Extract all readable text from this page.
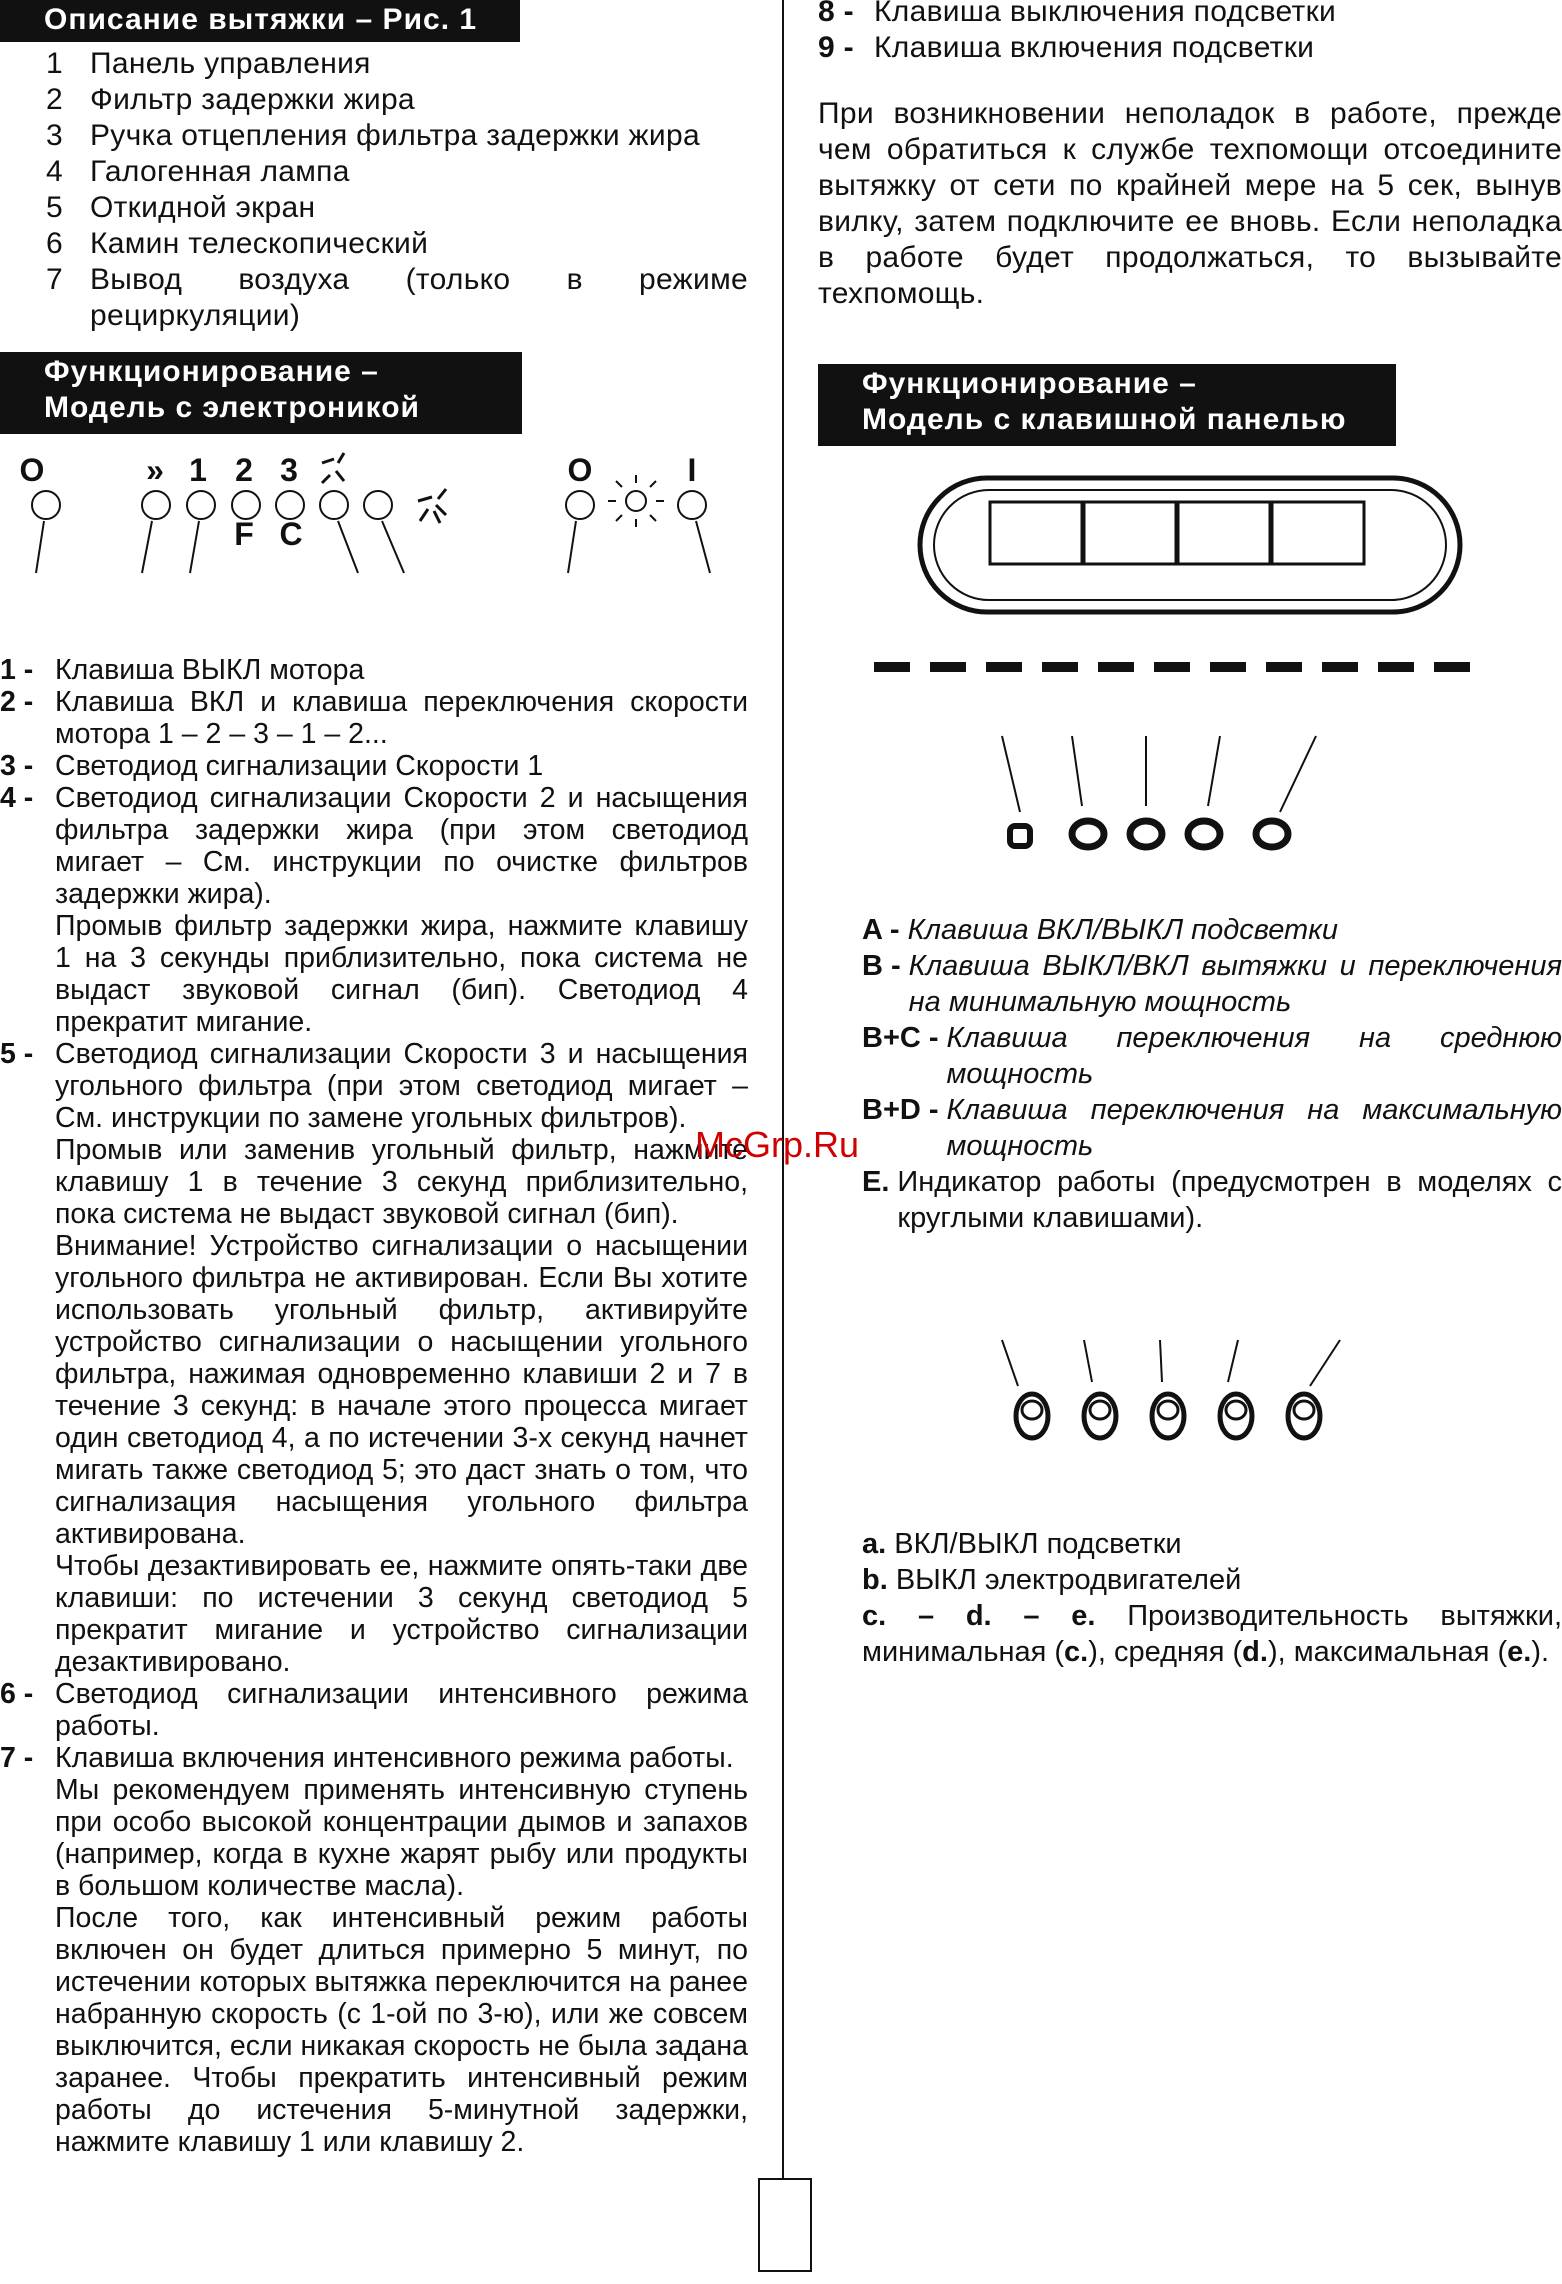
Описание вытяжки – Рис. 1
1 Панель управления
2 Фильтр задержки жира
3 Ручка отцепления фильтра задержки жира
4 Галогенная лампа
5 Откидной экран
6 Камин телескопический
7 Вывод воздуха (только в режиме рециркуляции)
Функционирование –
Модель с электроникой
O	» 1 2 3
F C
O	I
1 - Клавиша ВЫКЛ мотора

2 - Клавиша ВКЛ и клавиша переключения скорости мотора 1 – 2 – 3 – 1 – 2...

3 - Светодиод сигнализации Скорости 1

4 - Светодиод сигнализации Скорости 2 и насыщения фильтра задержки жира (при этом светодиод мигает – См. инструкции по очистке фильтров задержки жира).

Промыв фильтр задержки жира, нажмите клавишу 1 на 3 секунды приблизительно, пока система не выдаст звуковой сигнал (бип). Светодиод 4 прекратит мигание.

5 - Светодиод сигнализации Скорости 3 и насыщения угольного фильтра (при этом светодиод мигает – См. инструкции по замене угольных фильтров).

Промыв или заменив угольный фильтр, нажмите клавишу 1 в течение 3 секунд приблизительно, пока система не выдаст звуковой сигнал (бип).

Внимание! Устройство сигнализации о насыщении угольного фильтра не активирован. Если Вы хотите использовать угольный фильтр, активируйте устройство сигнализации о насыщении угольного фильтра, нажимая одновременно клавиши 2 и 7 в течение 3 секунд: в начале этого процесса мигает один светодиод 4, а по истечении 3-х секунд начнет мигать также светодиод 5; это даст знать о том, что сигнализация насыщения угольного фильтра активирована.

Чтобы дезактивировать ее, нажмите опять-таки две клавиши: по истечении 3 секунд светодиод 5 прекратит мигание и устройство сигнализации дезактивировано.

6 - Светодиод сигнализации интенсивного режима работы.

7 - Клавиша включения интенсивного режима работы.

Мы рекомендуем применять интенсивную ступень при особо высокой концентрации дымов и запахов (например, когда в кухне жарят рыбу или продукты в большом количестве масла).

После того, как интенсивный режим работы включен он будет длиться примерно 5 минут, по истечении которых вытяжка переключится на ранее набранную скорость (с 1-ой по 3-ю), или же совсем выключится, если никакая скорость не была задана заранее. Чтобы прекратить интенсивный режим работы до истечения 5-минутной задержки, нажмите клавишу 1 или клавишу 2.

8 - Клавиша выключения подсветки
9 - Клавиша включения подсветки
При возникновении неполадок в работе, прежде чем обратиться к службе техпомощи отсоедините вытяжку от сети по крайней мере на 5 сек, вынув вилку, затем подключите ее вновь. Если неполадка в работе будет продолжаться, то вызывайте техпомощь.
Функционирование –
Модель с клавишной панелью
A - Клавиша ВКЛ/ВЫКЛ подсветки
B - Клавиша ВЫКЛ/ВКЛ вытяжки и переключения на минимальную мощность
B+C - Клавиша переключения на среднюю мощность
B+D - Клавиша переключения на максимальную мощность
E. Индикатор работы (предусмотрен в моделях с круглыми клавишами).
McGrp.Ru
a. ВКЛ/ВЫКЛ подсветки
b. ВЫКЛ электродвигателей
c. – d. – e. Производительность вытяжки, минимальная (c.), средняя (d.), максимальная (e.).
